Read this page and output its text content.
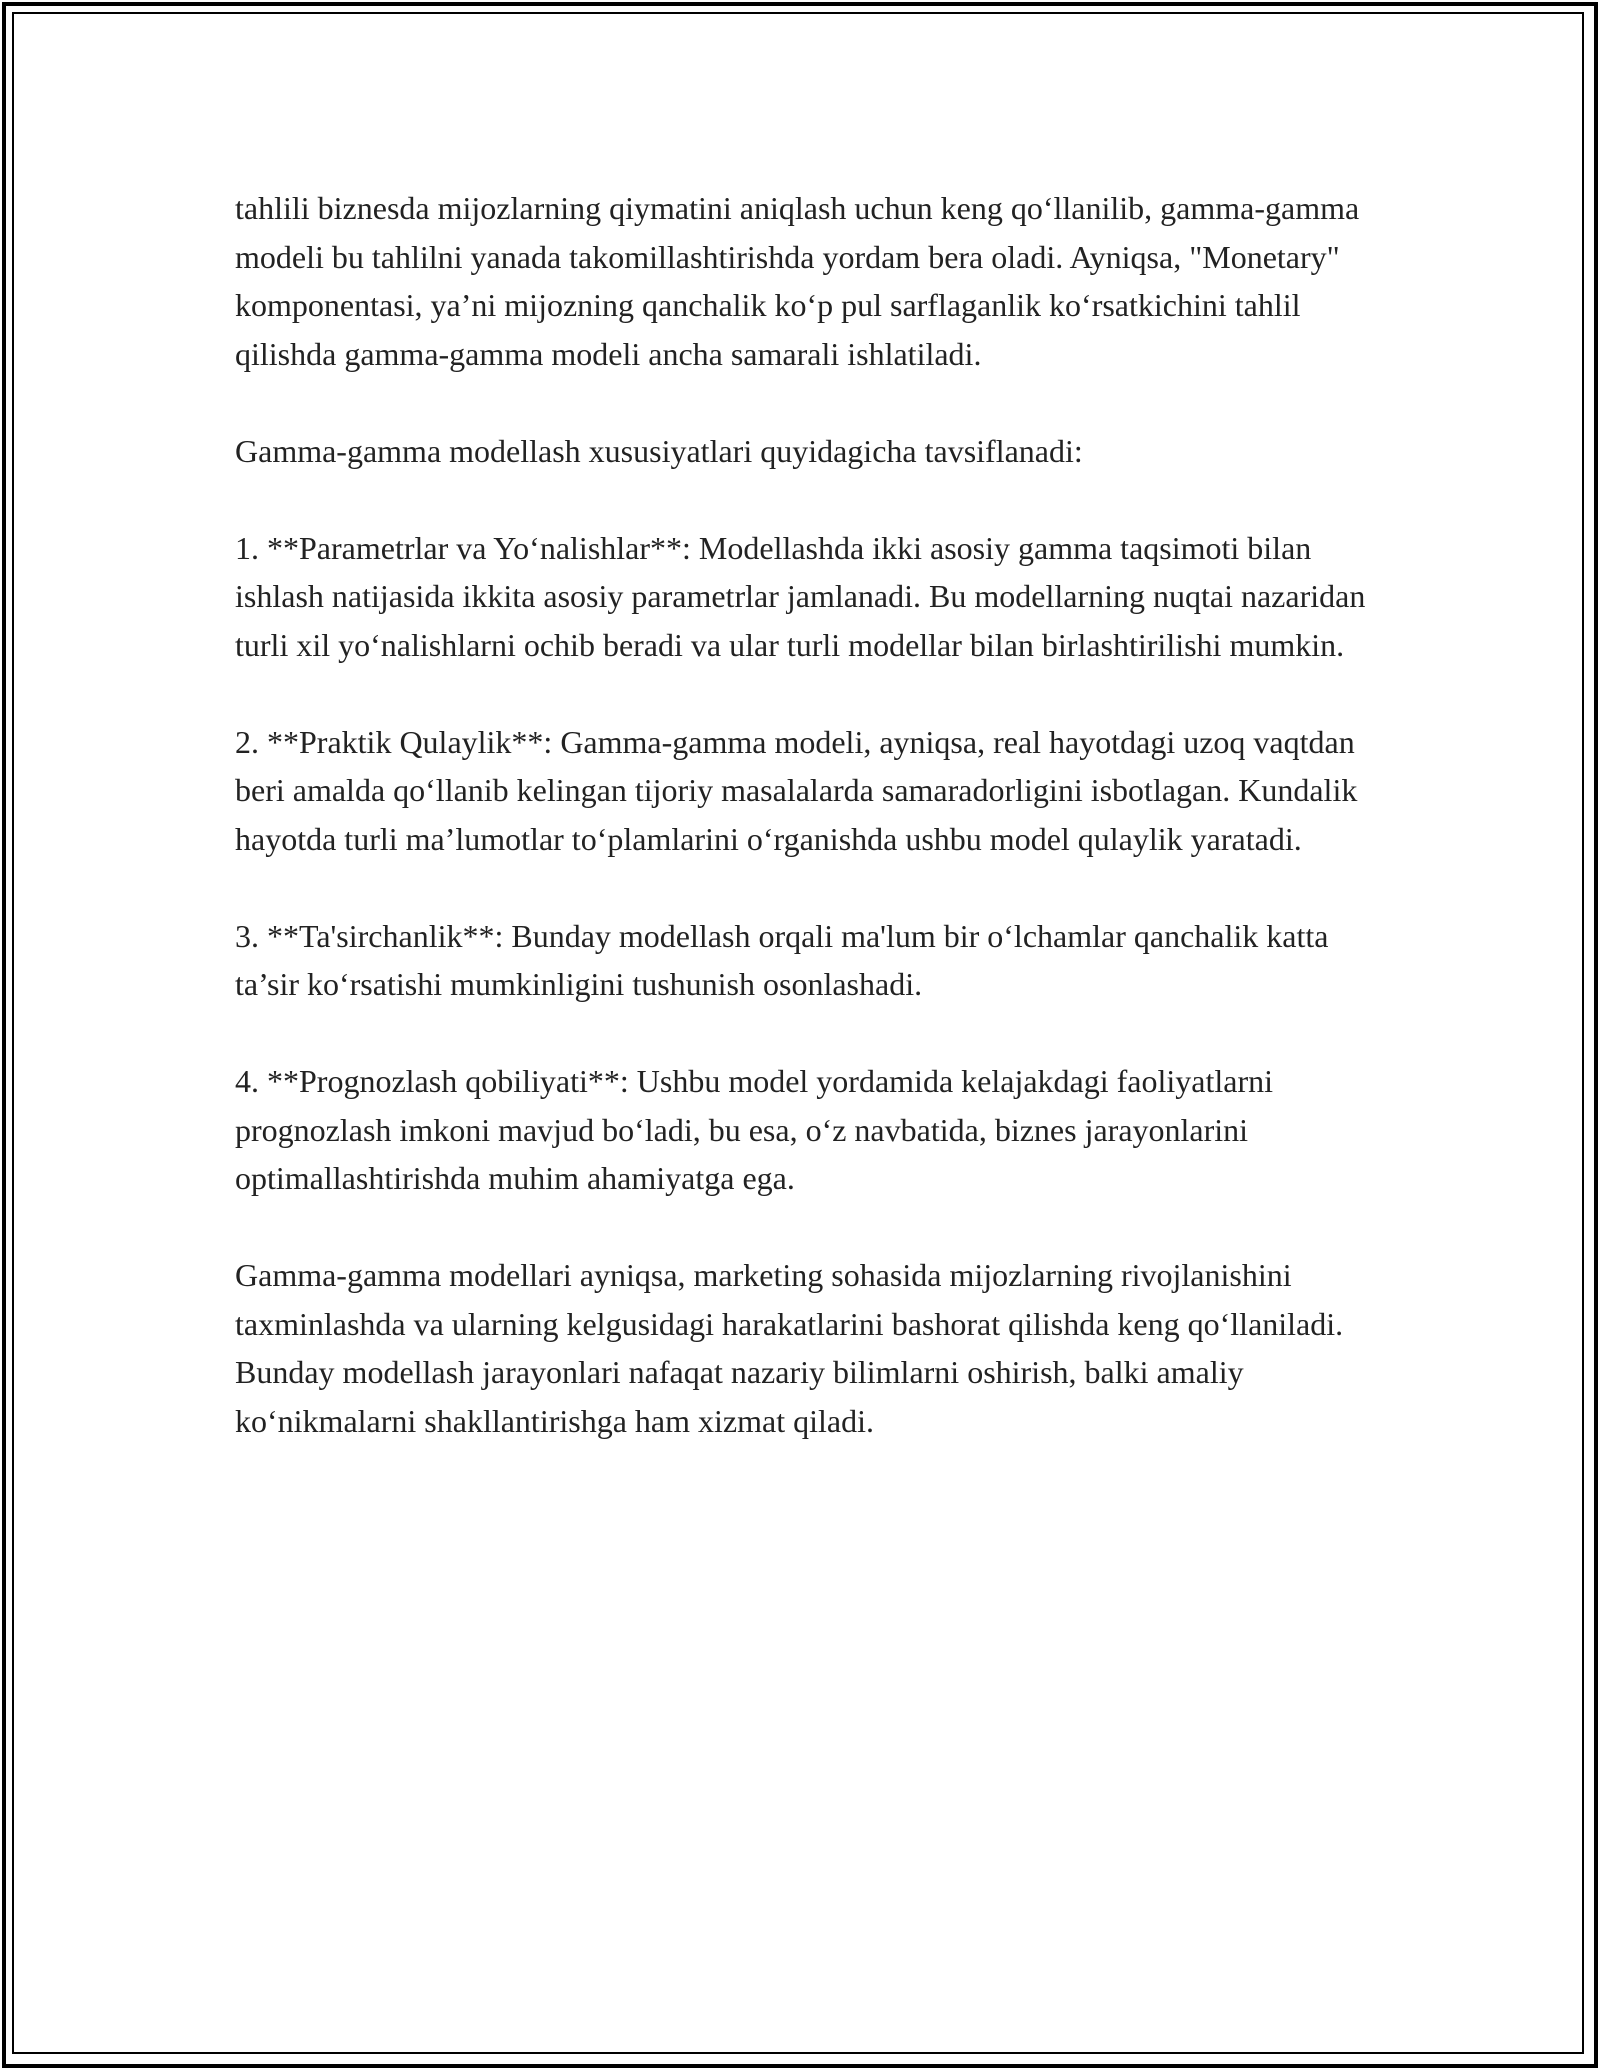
tahlili biznesda mijozlarning qiymatini aniqlash uchun keng qo‘llanilib, gamma-gamma modeli bu tahlilni yanada takomillashtirishda yordam bera oladi. Ayniqsa, "Monetary" komponentasi, ya’ni mijozning qanchalik ko‘p pul sarflaganlik ko‘rsatkichini tahlil qilishda gamma-gamma modeli ancha samarali ishlatiladi.

Gamma-gamma modellash xususiyatlari quyidagicha tavsiflanadi:

1. **Parametrlar va Yo‘nalishlar**: Modellashda ikki asosiy gamma taqsimoti bilan ishlash natijasida ikkita asosiy parametrlar jamlanadi. Bu modellarning nuqtai nazaridan turli xil yo‘nalishlarni ochib beradi va ular turli modellar bilan birlashtirilishi mumkin.

2. **Praktik Qulaylik**: Gamma-gamma modeli, ayniqsa, real hayotdagi uzoq vaqtdan beri amalda qo‘llanib kelingan tijoriy masalalarda samaradorligini isbotlagan. Kundalik hayotda turli ma’lumotlar to‘plamlarini o‘rganishda ushbu model qulaylik yaratadi.

3. **Ta'sirchanlik**: Bunday modellash orqali ma'lum bir o‘lchamlar qanchalik katta ta’sir ko‘rsatishi mumkinligini tushunish osonlashadi.

4. **Prognozlash qobiliyati**: Ushbu model yordamida kelajakdagi faoliyatlarni prognozlash imkoni mavjud bo‘ladi, bu esa, o‘z navbatida, biznes jarayonlarini optimallashtirishda muhim ahamiyatga ega.

Gamma-gamma modellari ayniqsa, marketing sohasida mijozlarning rivojlanishini taxminlashda va ularning kelgusidagi harakatlarini bashorat qilishda keng qo‘llaniladi. Bunday modellash jarayonlari nafaqat nazariy bilimlarni oshirish, balki amaliy ko‘nikmalarni shakllantirishga ham xizmat qiladi.
